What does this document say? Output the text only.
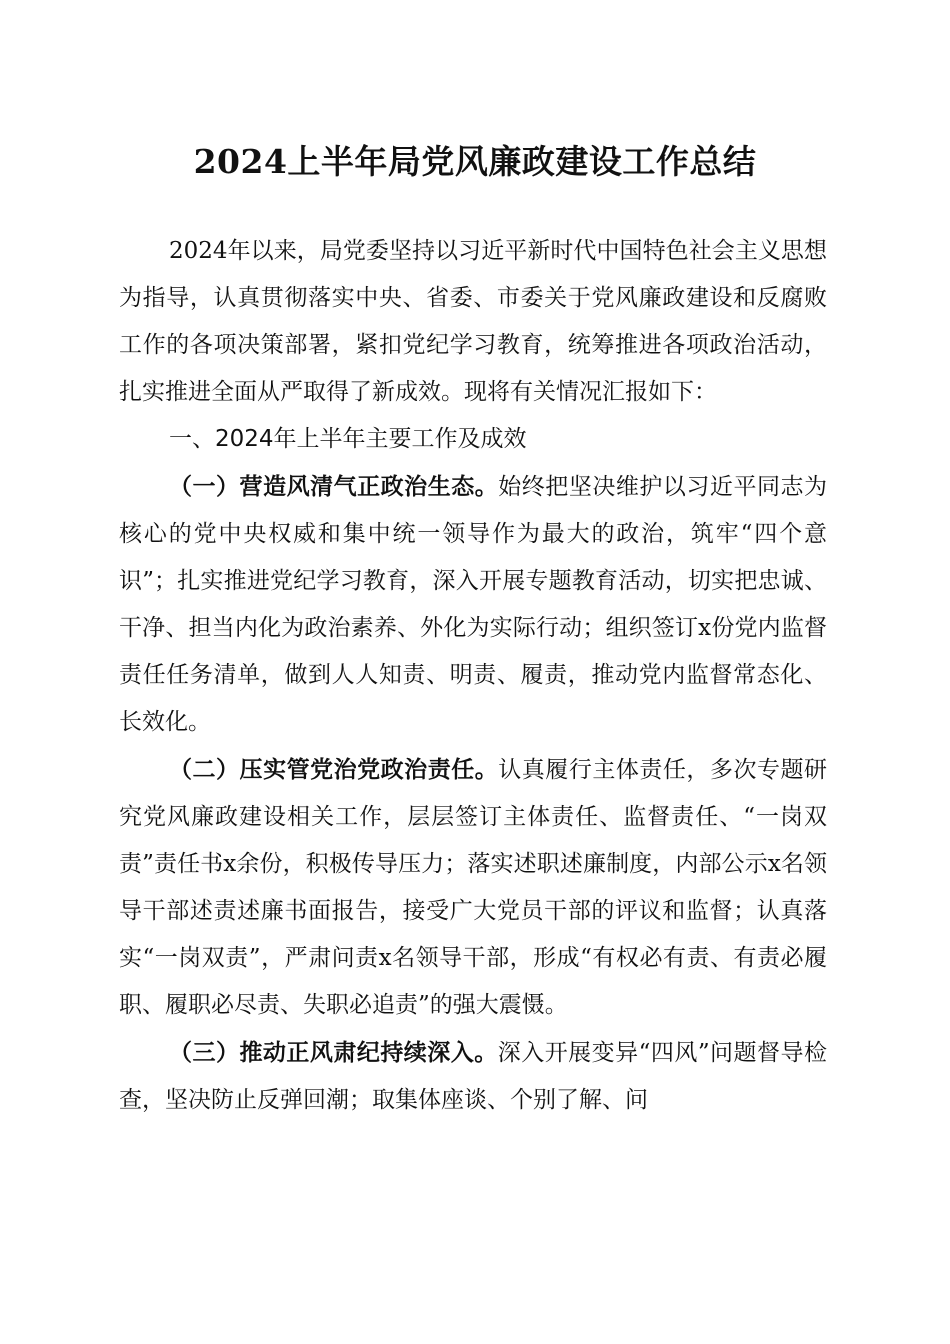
2024上半年局党风廉政建设工作总结

2024年以来，局党委坚持以习近平新时代中国特色社会主义思想为指导，认真贯彻落实中央、省委、市委关于党风廉政建设和反腐败工作的各项决策部署，紧扣党纪学习教育，统筹推进各项政治活动，扎实推进全面从严取得了新成效。现将有关情况汇报如下：

一、2024年上半年主要工作及成效

（一）营造风清气正政治生态。始终把坚决维护以习近平同志为核心的党中央权威和集中统一领导作为最大的政治，筑牢“四个意识”；扎实推进党纪学习教育，深入开展专题教育活动，切实把忠诚、干净、担当内化为政治素养、外化为实际行动；组织签订x份党内监督责任任务清单，做到人人知责、明责、履责，推动党内监督常态化、长效化。

（二）压实管党治党政治责任。认真履行主体责任，多次专题研究党风廉政建设相关工作，层层签订主体责任、监督责任、“一岗双责”责任书x余份，积极传导压力；落实述职述廉制度，内部公示x名领导干部述责述廉书面报告，接受广大党员干部的评议和监督；认真落实“一岗双责”，严肃问责x名领导干部，形成“有权必有责、有责必履职、履职必尽责、失职必追责”的强大震慑。

（三）推动正风肃纪持续深入。深入开展变异“四风”问题督导检查，坚决防止反弹回潮；取集体座谈、个别了解、问
